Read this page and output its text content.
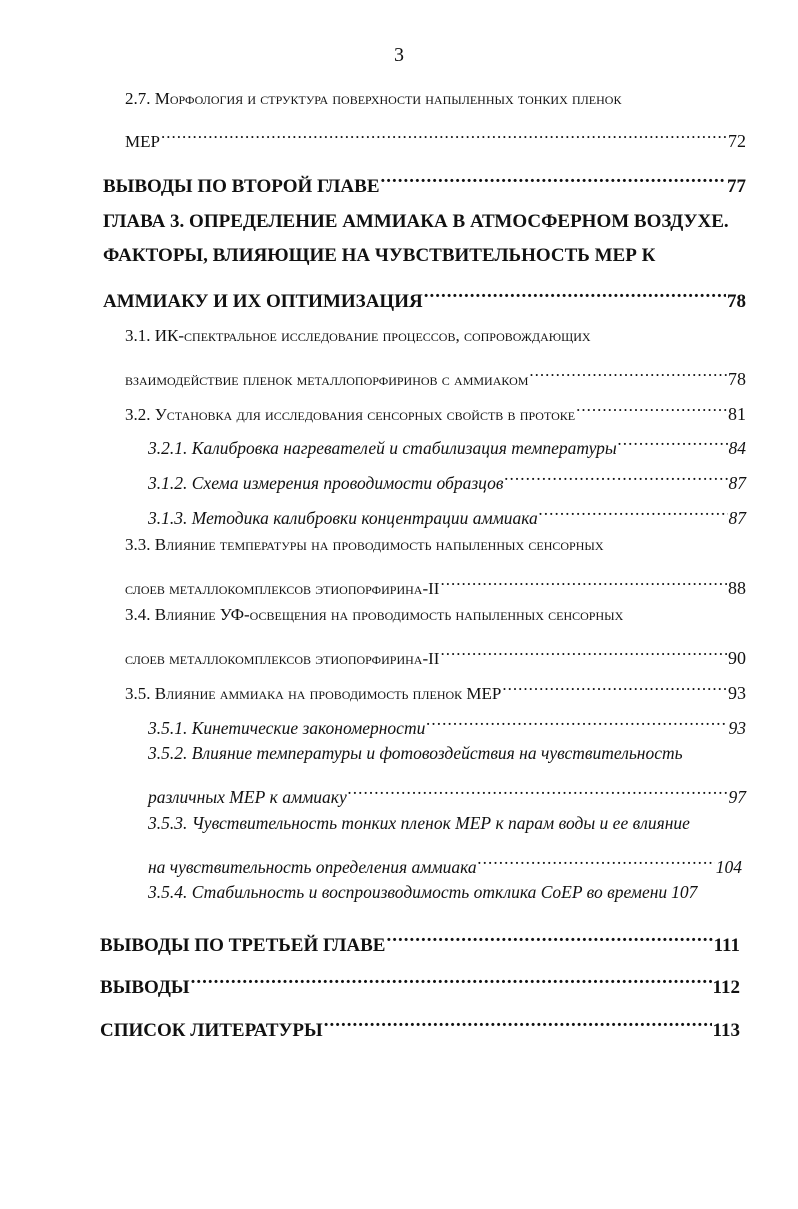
3
2.7. Морфология и структура поверхности напыленных тонких пленок
МЕР .....	72
ВЫВОДЫ ПО ВТОРОЙ ГЛАВЕ .....	77
ГЛАВА 3. ОПРЕДЕЛЕНИЕ АММИАКА В АТМОСФЕРНОМ ВОЗДУХЕ.
ФАКТОРЫ, ВЛИЯЮЩИЕ НА ЧУВСТВИТЕЛЬНОСТЬ МЕР К
АММИАКУ И ИХ ОПТИМИЗАЦИЯ .....	78
3.1. ИК-спектральное исследование процессов, сопровождающих
взаимодействие пленок металлопорфиринов с аммиаком .....	78
3.2. Установка для исследования сенсорных свойств в протоке .....	81
3.2.1. Калибровка нагревателей и стабилизация температуры .....	84
3.1.2. Схема измерения проводимости образцов .....	87
3.1.3. Методика калибровки концентрации аммиака .....	87
3.3. Влияние температуры на проводимость напыленных сенсорных
слоев металлокомплексов этиопорфирина-II .....	88
3.4. Влияние УФ-освещения на проводимость напыленных сенсорных
слоев металлокомплексов этиопорфирина-II .....	90
3.5. Влияние аммиака на проводимость пленок МЕР .....	93
3.5.1. Кинетические закономерности .....	93
3.5.2. Влияние температуры и фотовоздействия на чувствительность
различных МЕР к аммиаку .....	97
3.5.3. Чувствительность тонких пленок МЕР к парам воды и ее влияние
на чувствительность определения аммиака .....	104
3.5.4. Стабильность и воспроизводимость отклика CoEP во времени 107
ВЫВОДЫ ПО ТРЕТЬЕЙ ГЛАВЕ .....	111
ВЫВОДЫ .....	112
СПИСОК ЛИТЕРАТУРЫ .....	113
